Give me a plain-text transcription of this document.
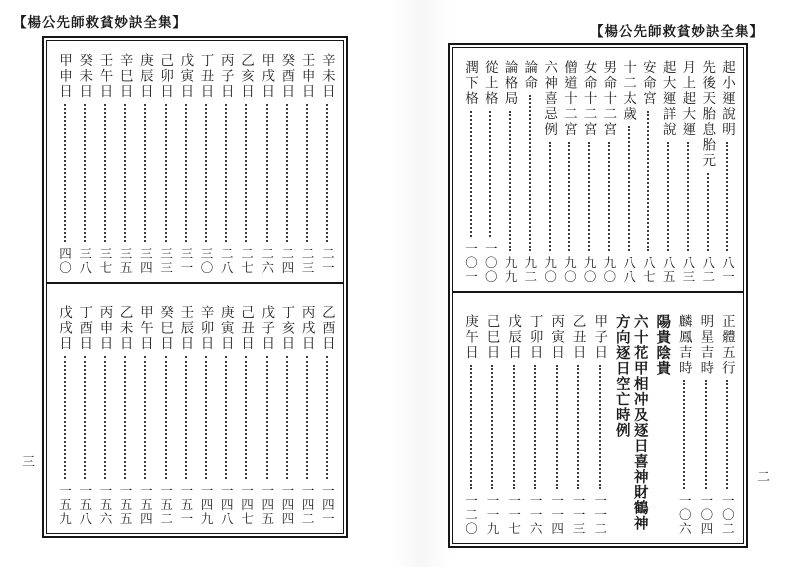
【楊公先師救貧妙訣全集】
辛未日
二一
壬申日
二三
癸酉日
二四
甲戌日
二六
乙亥日
二七
丙子日
二八
丁丑日
三〇
戊寅日
三一
己卯日
三三
庚辰日
三四
辛巳日
三五
壬午日
三七
癸未日
三八
甲申日
四〇
乙酉日
一四一
丙戌日
一四二
丁亥日
一四四
戊子日
一四五
己丑日
一四七
庚寅日
一四八
辛卯日
一四九
壬辰日
一五一
癸巳日
一五二
甲午日
一五四
乙未日
一五五
丙申日
一五六
丁酉日
一五八
戊戌日
一五九
三
【楊公先師救貧妙訣全集】
起小運說明
八一
先後天胎息胎元
八二
月上起大運
八三
起大運詳說
八五
安命宮
八七
十二太歲
八八
男命十二宮
九〇
女命十二宮
九〇
僧道十二宮
九〇
六神喜忌例
九〇
論命
九二
論格局
九九
從上格
一〇〇
潤下格
一〇一
正體五行
一〇二
明星吉時
一〇四
麟鳳吉時
一〇六
陽貴陰貴
六十花甲相冲及逐日喜神財鶴神
方向逐日空亡時例
甲子日
一一二
乙丑日
一一三
丙寅日
一一四
丁卯日
一一六
戊辰日
一一七
己巳日
一一九
庚午日
一二〇
二
